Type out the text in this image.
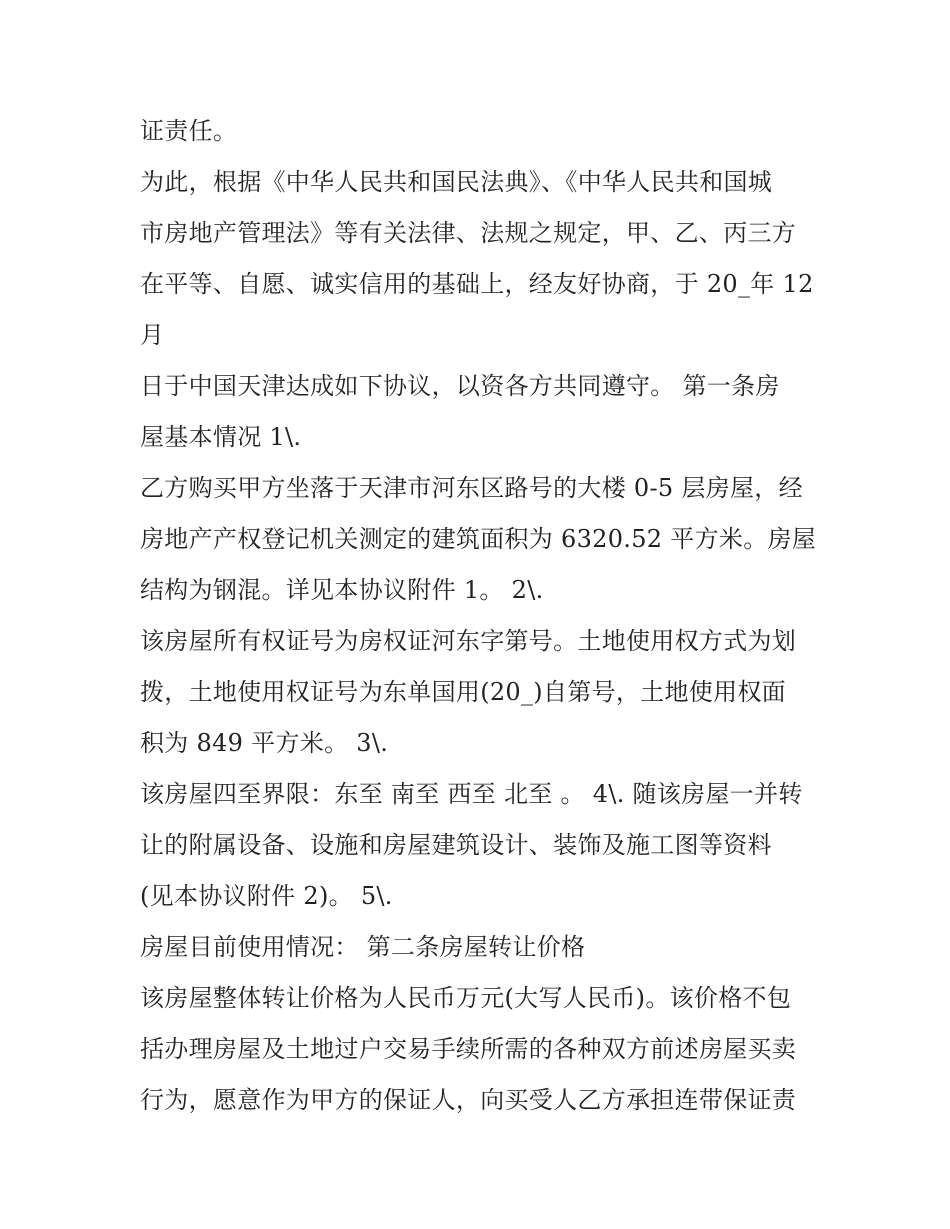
证责任。
为此，根据《中华人民共和国民法典》、《中华人民共和国城
市房地产管理法》等有关法律、法规之规定，甲、乙、丙三方
在平等、自愿、诚实信用的基础上，经友好协商，于 20_年 12
月
日于中国天津达成如下协议，以资各方共同遵守。 第一条房
屋基本情况 1\.
乙方购买甲方坐落于天津市河东区路号的大楼 0-5 层房屋，经
房地产产权登记机关测定的建筑面积为 6320.52 平方米。房屋
结构为钢混。详见本协议附件 1。 2\.
该房屋所有权证号为房权证河东字第号。土地使用权方式为划
拨，土地使用权证号为东单国用(20_)自第号，土地使用权面
积为 849 平方米。 3\.
该房屋四至界限：东至 南至 西至 北至 。 4\. 随该房屋一并转
让的附属设备、设施和房屋建筑设计、装饰及施工图等资料
(见本协议附件 2)。 5\.
房屋目前使用情况： 第二条房屋转让价格
该房屋整体转让价格为人民币万元(大写人民币)。该价格不包
括办理房屋及土地过户交易手续所需的各种双方前述房屋买卖
行为，愿意作为甲方的保证人，向买受人乙方承担连带保证责
